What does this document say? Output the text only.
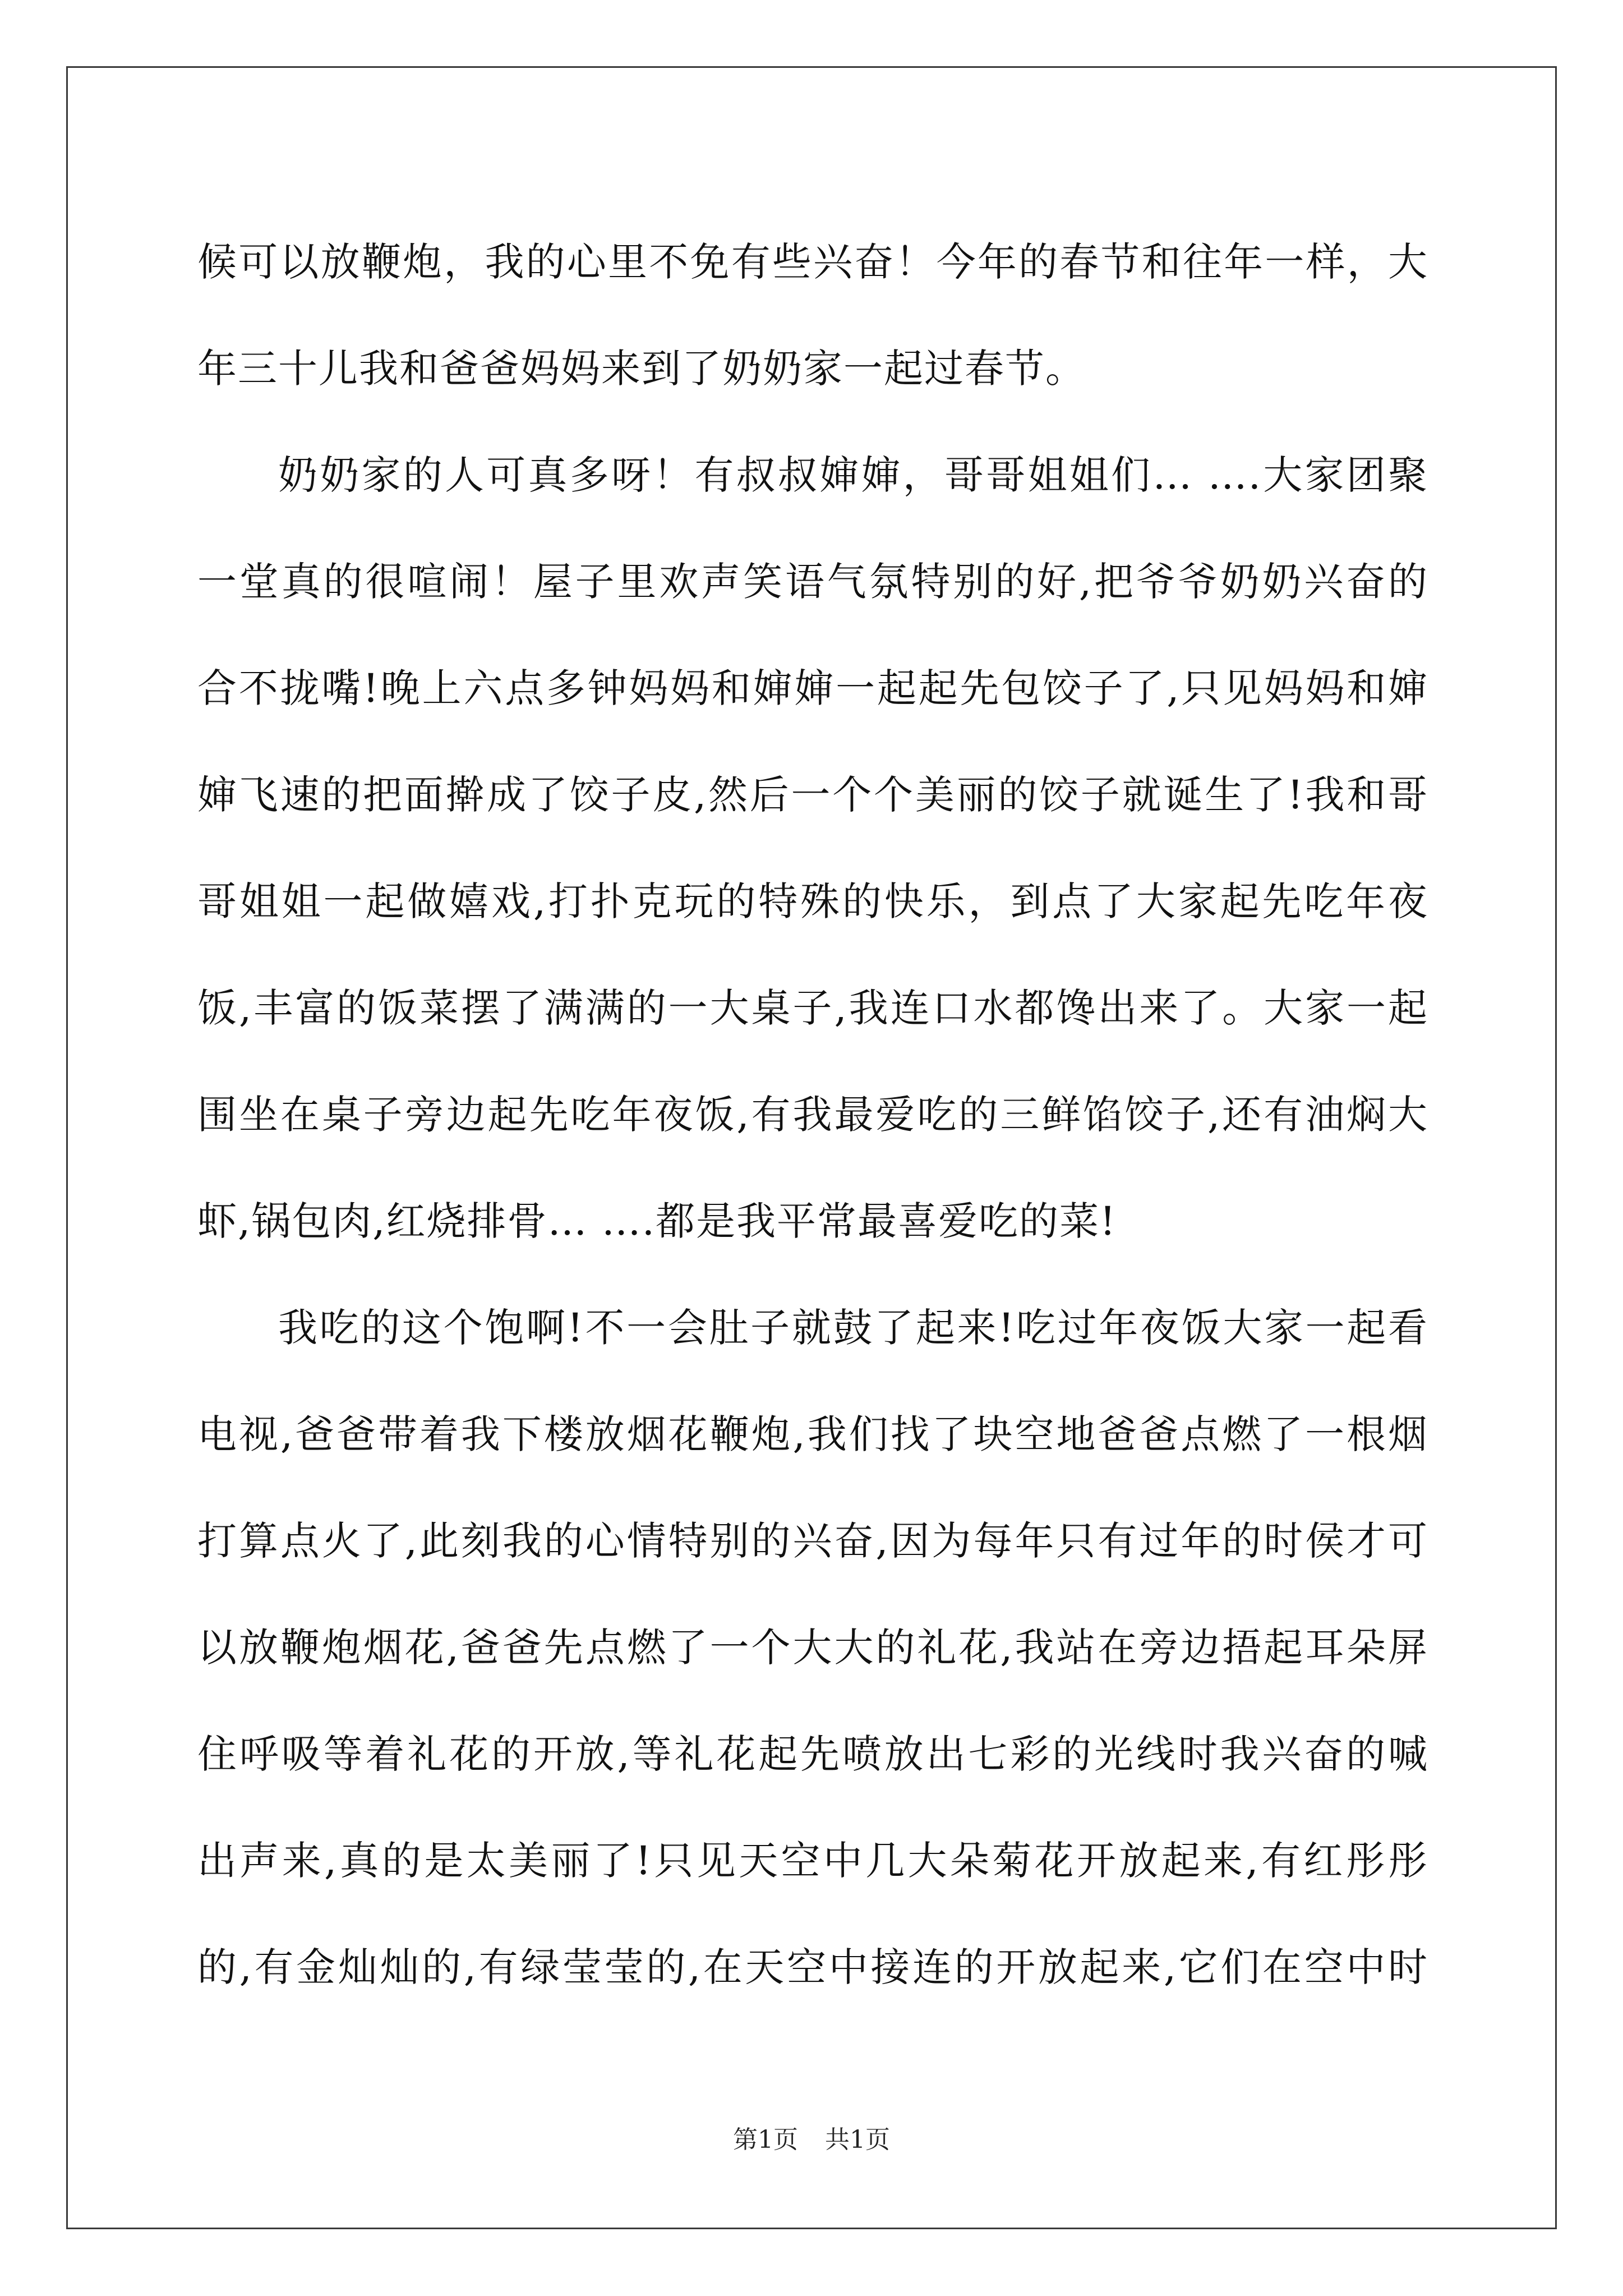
候可以放鞭炮，我的心里不免有些兴奋！今年的春节和往年一样，大
年三十儿我和爸爸妈妈来到了奶奶家一起过春节。
奶奶家的人可真多呀！有叔叔婶婶，哥哥姐姐们… ….大家团聚
一堂真的很喧闹！屋子里欢声笑语气氛特别的好,把爷爷奶奶兴奋的
合不拢嘴!晚上六点多钟妈妈和婶婶一起起先包饺子了,只见妈妈和婶
婶飞速的把面擀成了饺子皮,然后一个个美丽的饺子就诞生了!我和哥
哥姐姐一起做嬉戏,打扑克玩的特殊的快乐，到点了大家起先吃年夜
饭,丰富的饭菜摆了满满的一大桌子,我连口水都馋出来了。大家一起
围坐在桌子旁边起先吃年夜饭,有我最爱吃的三鲜馅饺子,还有油焖大
虾,锅包肉,红烧排骨… ….都是我平常最喜爱吃的菜!
我吃的这个饱啊!不一会肚子就鼓了起来!吃过年夜饭大家一起看
电视,爸爸带着我下楼放烟花鞭炮,我们找了块空地爸爸点燃了一根烟
打算点火了,此刻我的心情特别的兴奋,因为每年只有过年的时侯才可
以放鞭炮烟花,爸爸先点燃了一个大大的礼花,我站在旁边捂起耳朵屏
住呼吸等着礼花的开放,等礼花起先喷放出七彩的光线时我兴奋的喊
出声来,真的是太美丽了!只见天空中几大朵菊花开放起来,有红彤彤
的,有金灿灿的,有绿莹莹的,在天空中接连的开放起来,它们在空中时
第1页 共1页
